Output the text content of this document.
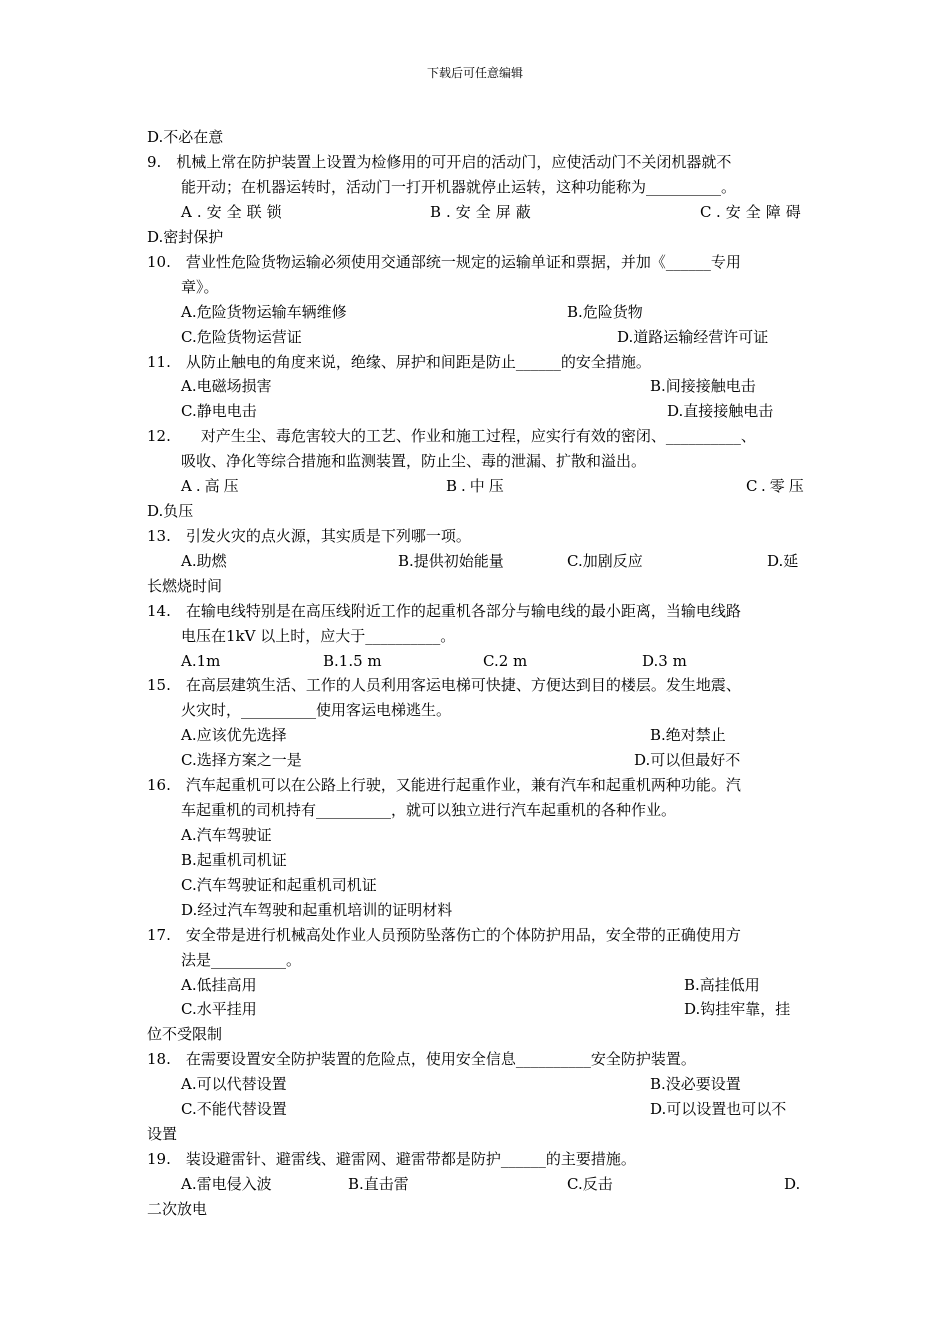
下载后可任意编辑
D.不必在意
9.　机械上常在防护装置上设置为检修用的可开启的活动门，应使活动门不关闭机器就不
能开动；在机器运转时，活动门一打开机器就停止运转，这种功能称为__________。
A.安全联锁	B.安全屏蔽	C.安全障碍
D.密封保护
10.　营业性危险货物运输必须使用交通部统一规定的运输单证和票据，并加《______专用
章》。
A.危险货物运输车辆维修	B.危险货物
C.危险货物运营证	D.道路运输经营许可证
11.　从防止触电的角度来说，绝缘、屏护和间距是防止______的安全措施。
A.电磁场损害	B.间接接触电击
C.静电电击	D.直接接触电击
12.　　对产生尘、毒危害较大的工艺、作业和施工过程，应实行有效的密闭、__________、
吸收、净化等综合措施和监测装置，防止尘、毒的泄漏、扩散和溢出。
A.高压	B.中压	C.零压
D.负压
13.　引发火灾的点火源，其实质是下列哪一项。
A.助燃	B.提供初始能量	C.加剧反应	D.延
长燃烧时间
14.　在输电线特别是在高压线附近工作的起重机各部分与输电线的最小距离，当输电线路
电压在1kV 以上时，应大于__________。
A.1m	B.1.5 m	C.2 m	D.3 m
15.　在高层建筑生活、工作的人员利用客运电梯可快捷、方便达到目的楼层。发生地震、
火灾时，__________使用客运电梯逃生。
A.应该优先选择	B.绝对禁止
C.选择方案之一是	D.可以但最好不
16.　汽车起重机可以在公路上行驶，又能进行起重作业，兼有汽车和起重机两种功能。汽
车起重机的司机持有__________，就可以独立进行汽车起重机的各种作业。
A.汽车驾驶证
B.起重机司机证
C.汽车驾驶证和起重机司机证
D.经过汽车驾驶和起重机培训的证明材料
17.　安全带是进行机械高处作业人员预防坠落伤亡的个体防护用品，安全带的正确使用方
法是__________。
A.低挂高用	B.高挂低用
C.水平挂用	D.钩挂牢靠，挂
位不受限制
18.　在需要设置安全防护装置的危险点，使用安全信息__________安全防护装置。
A.可以代替设置	B.没必要设置
C.不能代替设置	D.可以设置也可以不
设置
19.　装设避雷针、避雷线、避雷网、避雷带都是防护______的主要措施。
A.雷电侵入波	B.直击雷	C.反击	D.
二次放电
